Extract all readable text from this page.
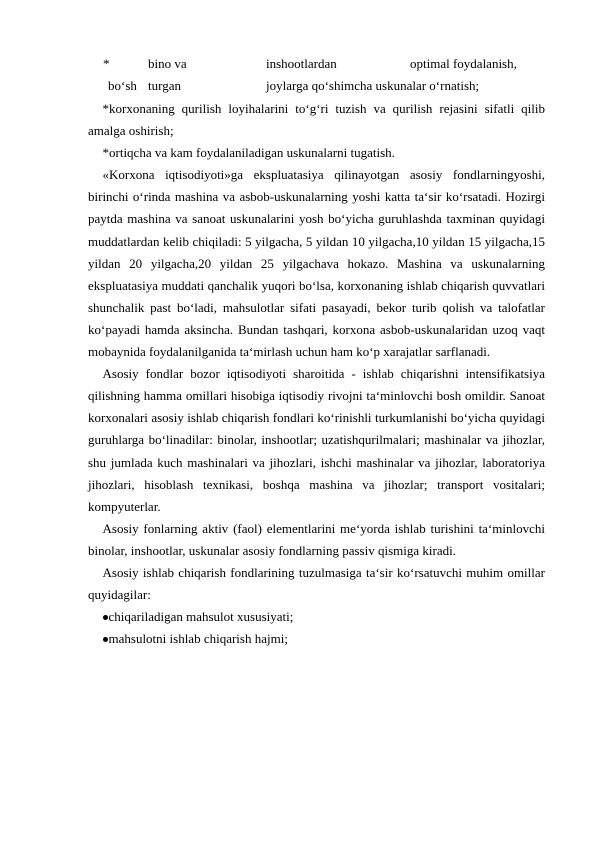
*	bino va	inshootlardan	optimal foydalanish,
bo‘sh turgan	joylarga qo‘shimcha uskunalar o‘rnatish;

*korxonaning qurilish loyihalarini to‘g‘ri tuzish va qurilish rejasini sifatli qilib amalga oshirish;

*ortiqcha va kam foydalaniladigan uskunalarni tugatish.

«Korxona iqtisodiyoti»ga ekspluatasiya qilinayotgan asosiy fondlarningyoshi, birinchi o‘rinda mashina va asbob-uskunalarning yoshi katta ta‘sir ko‘rsatadi. Hozirgi paytda mashina va sanoat uskunalarini yosh bo‘yicha guruhlashda taxminan quyidagi muddatlardan kelib chiqiladi: 5 yilgacha, 5 yildan 10 yilgacha,10 yildan 15 yilgacha,15 yildan 20 yilgacha,20 yildan 25 yilgachava hokazo. Mashina va uskunalarning ekspluatasiya muddati qanchalik yuqori bo‘lsa, korxonaning ishlab chiqarish quvvatlari shunchalik past bo‘ladi, mahsulotlar sifati pasayadi, bekor turib qolish va talofatlar ko‘payadi hamda aksincha. Bundan tashqari, korxona asbob-uskunalaridan uzoq vaqt mobaynida foydalanilganida ta‘mirlash uchun ham ko‘p xarajatlar sarflanadi.

Asosiy fondlar bozor iqtisodiyoti sharoitida - ishlab chiqarishni intensifikatsiya qilishning hamma omillari hisobiga iqtisodiy rivojni ta‘minlovchi bosh omildir. Sanoat korxonalari asosiy ishlab chiqarish fondlari ko‘rinishli turkumlanishi bo‘yicha quyidagi guruhlarga bo‘linadilar: binolar, inshootlar; uzatishqurilmalari; mashinalar va jihozlar, shu jumlada kuch mashinalari va jihozlari, ishchi mashinalar va jihozlar, laboratoriya jihozlari, hisoblash texnikasi, boshqa mashina va jihozlar; transport vositalari; kompyuterlar.

Asosiy fonlarning aktiv (faol) elementlarini me‘yorda ishlab turishini ta‘minlovchi binolar, inshootlar, uskunalar asosiy fondlarning passiv qismiga kiradi.

Asosiy ishlab chiqarish fondlarining tuzulmasiga ta‘sir ko‘rsatuvchi muhim omillar quyidagilar:

chiqariladigan mahsulot xususiyati;

mahsulotni ishlab chiqarish hajmi;
